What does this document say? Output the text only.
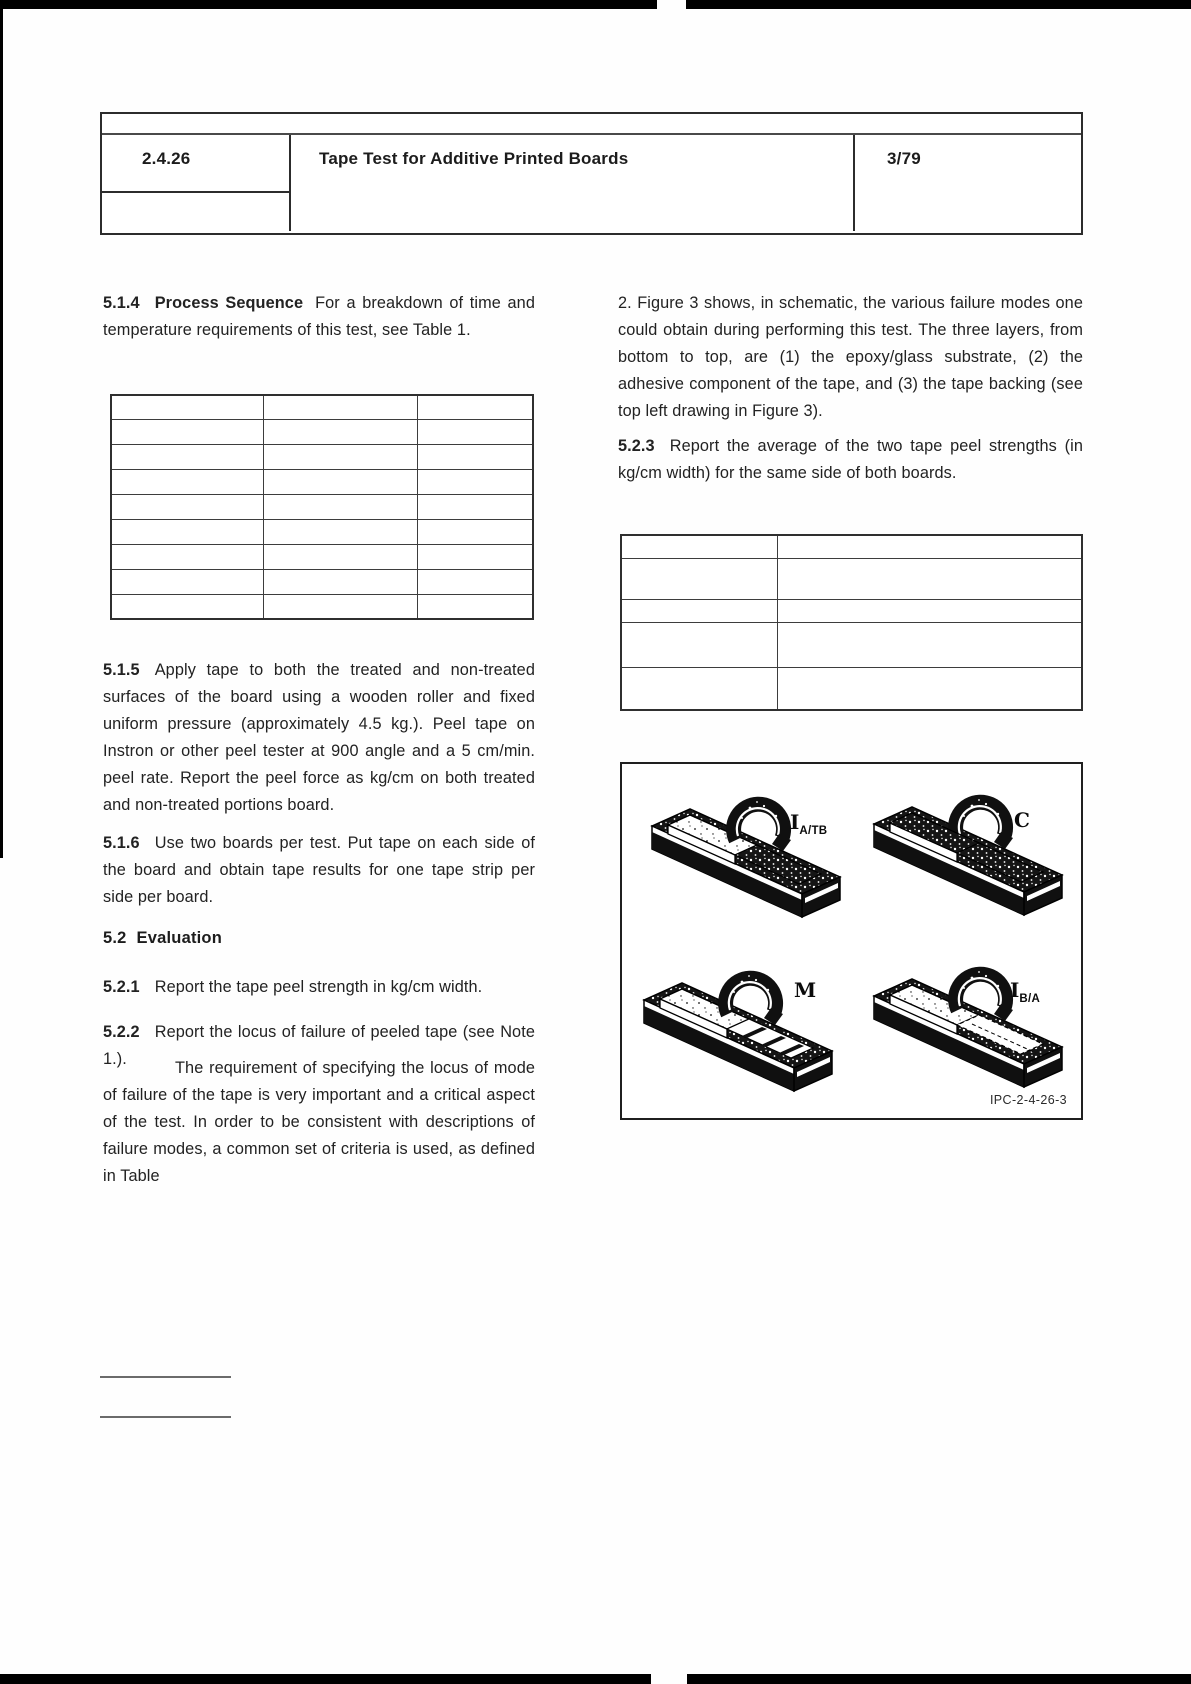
2.4.26	Tape Test for Additive Printed Boards	3/79

5.1.4 Process Sequence For a breakdown of time and temperature requirements of this test, see Table 1.

5.1.5 Apply tape to both the treated and non-treated surfaces of the board using a wooden roller and fixed uniform pressure (approximately 4.5 kg.). Peel tape on Instron or other peel tester at 900 angle and a 5 cm/min. peel rate. Report the peel force as kg/cm on both treated and non-treated portions board.

5.1.6 Use two boards per test. Put tape on each side of the board and obtain tape results for one tape strip per side per board.

5.2 Evaluation

5.2.1 Report the tape peel strength in kg/cm width.

5.2.2 Report the locus of failure of peeled tape (see Note 1.).	The requirement of specifying the locus of mode of failure of the tape is very important and a critical aspect of the test. In order to be consistent with descriptions of failure modes, a common set of criteria is used, as defined in Table

2. Figure 3 shows, in schematic, the various failure modes one could obtain during performing this test. The three layers, from bottom to top, are (1) the epoxy/glass substrate, (2) the adhesive component of the tape, and (3) the tape backing (see top left drawing in Figure 3).

5.2.3 Report the average of the two tape peel strengths (in kg/cm width) for the same side of both boards.

$I_{A/TB}$	C
M	$I_{B/A}$
IPC-2-4-26-3
